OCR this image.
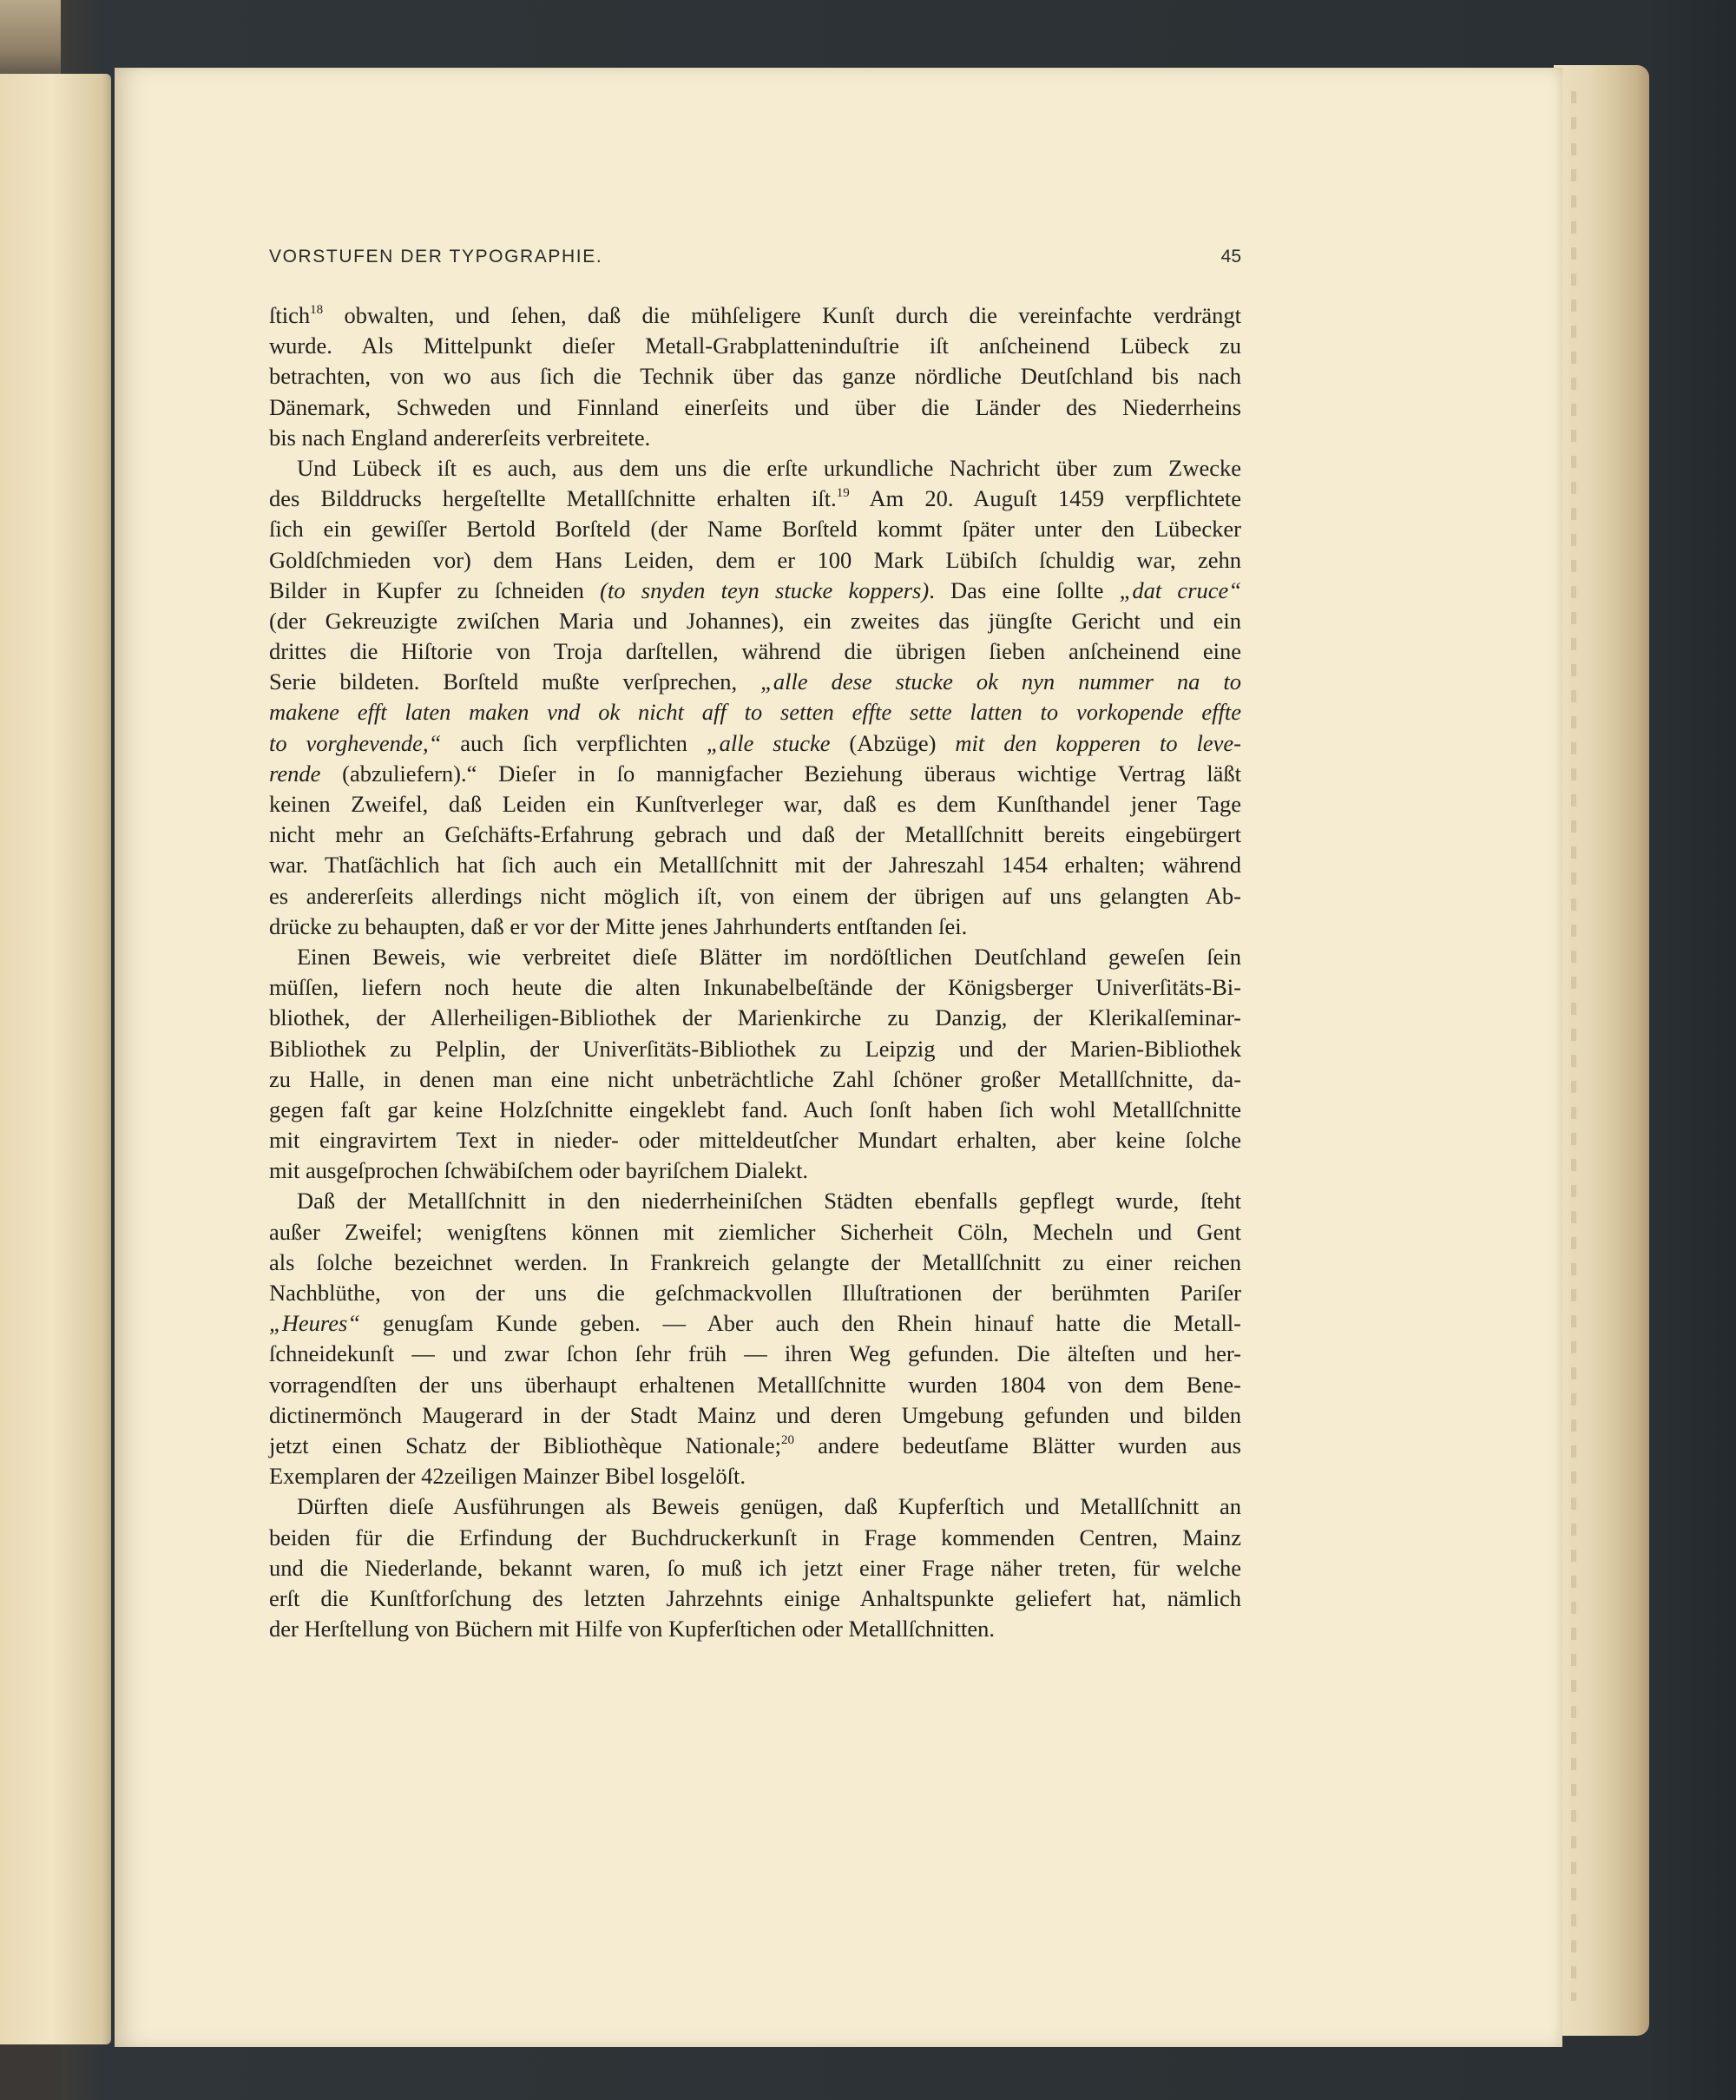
VORSTUFEN DER TYPOGRAPHIE.	45
ſtich$^{18}$ obwalten, und ſehen, daß die mühſeligere Kunſt durch die vereinfachte verdrängt
wurde. Als Mittelpunkt dieſer Metall-Grabplatteninduſtrie iſt anſcheinend Lübeck zu
betrachten, von wo aus ſich die Technik über das ganze nördliche Deutſchland bis nach
Dänemark, Schweden und Finnland einerſeits und über die Länder des Niederrheins
bis nach England andererſeits verbreitete.
Und Lübeck iſt es auch, aus dem uns die erſte urkundliche Nachricht über zum Zwecke
des Bilddrucks hergeſtellte Metallſchnitte erhalten iſt.$^{19}$ Am 20. Auguſt 1459 verpflichtete
ſich ein gewiſſer Bertold Borſteld (der Name Borſteld kommt ſpäter unter den Lübecker
Goldſchmieden vor) dem Hans Leiden, dem er 100 Mark Lübiſch ſchuldig war, zehn
Bilder in Kupfer zu ſchneiden (to snyden teyn stucke koppers). Das eine ſollte „dat cruce“
(der Gekreuzigte zwiſchen Maria und Johannes), ein zweites das jüngſte Gericht und ein
drittes die Hiſtorie von Troja darſtellen, während die übrigen ſieben anſcheinend eine
Serie bildeten. Borſteld mußte verſprechen, „alle dese stucke ok nyn nummer na to
makene efft laten maken vnd ok nicht aff to setten effte sette latten to vorkopende effte
to vorghevende,“ auch ſich verpflichten „alle stucke (Abzüge) mit den kopperen to leve-
rende (abzuliefern).“ Dieſer in ſo mannigfacher Beziehung überaus wichtige Vertrag läßt
keinen Zweifel, daß Leiden ein Kunſtverleger war, daß es dem Kunſthandel jener Tage
nicht mehr an Geſchäfts-Erfahrung gebrach und daß der Metallſchnitt bereits eingebürgert
war. Thatſächlich hat ſich auch ein Metallſchnitt mit der Jahreszahl 1454 erhalten; während
es andererſeits allerdings nicht möglich iſt, von einem der übrigen auf uns gelangten Ab-
drücke zu behaupten, daß er vor der Mitte jenes Jahrhunderts entſtanden ſei.
Einen Beweis, wie verbreitet dieſe Blätter im nordöſtlichen Deutſchland geweſen ſein
müſſen, liefern noch heute die alten Inkunabelbeſtände der Königsberger Univerſitäts-Bi-
bliothek, der Allerheiligen-Bibliothek der Marienkirche zu Danzig, der Klerikalſeminar-
Bibliothek zu Pelplin, der Univerſitäts-Bibliothek zu Leipzig und der Marien-Bibliothek
zu Halle, in denen man eine nicht unbeträchtliche Zahl ſchöner großer Metallſchnitte, da-
gegen faſt gar keine Holzſchnitte eingeklebt fand. Auch ſonſt haben ſich wohl Metallſchnitte
mit eingravirtem Text in nieder- oder mitteldeutſcher Mundart erhalten, aber keine ſolche
mit ausgeſprochen ſchwäbiſchem oder bayriſchem Dialekt.
Daß der Metallſchnitt in den niederrheiniſchen Städten ebenfalls gepflegt wurde, ſteht
außer Zweifel; wenigſtens können mit ziemlicher Sicherheit Cöln, Mecheln und Gent
als ſolche bezeichnet werden. In Frankreich gelangte der Metallſchnitt zu einer reichen
Nachblüthe, von der uns die geſchmackvollen Illuſtrationen der berühmten Pariſer
„Heures“ genugſam Kunde geben. — Aber auch den Rhein hinauf hatte die Metall-
ſchneidekunſt — und zwar ſchon ſehr früh — ihren Weg gefunden. Die älteſten und her-
vorragendſten der uns überhaupt erhaltenen Metallſchnitte wurden 1804 von dem Bene-
dictinermönch Maugerard in der Stadt Mainz und deren Umgebung gefunden und bilden
jetzt einen Schatz der Bibliothèque Nationale;$^{20}$ andere bedeutſame Blätter wurden aus
Exemplaren der 42zeiligen Mainzer Bibel losgelöſt.
Dürften dieſe Ausführungen als Beweis genügen, daß Kupferſtich und Metallſchnitt an
beiden für die Erfindung der Buchdruckerkunſt in Frage kommenden Centren, Mainz
und die Niederlande, bekannt waren, ſo muß ich jetzt einer Frage näher treten, für welche
erſt die Kunſtforſchung des letzten Jahrzehnts einige Anhaltspunkte geliefert hat, nämlich
der Herſtellung von Büchern mit Hilfe von Kupferſtichen oder Metallſchnitten.
